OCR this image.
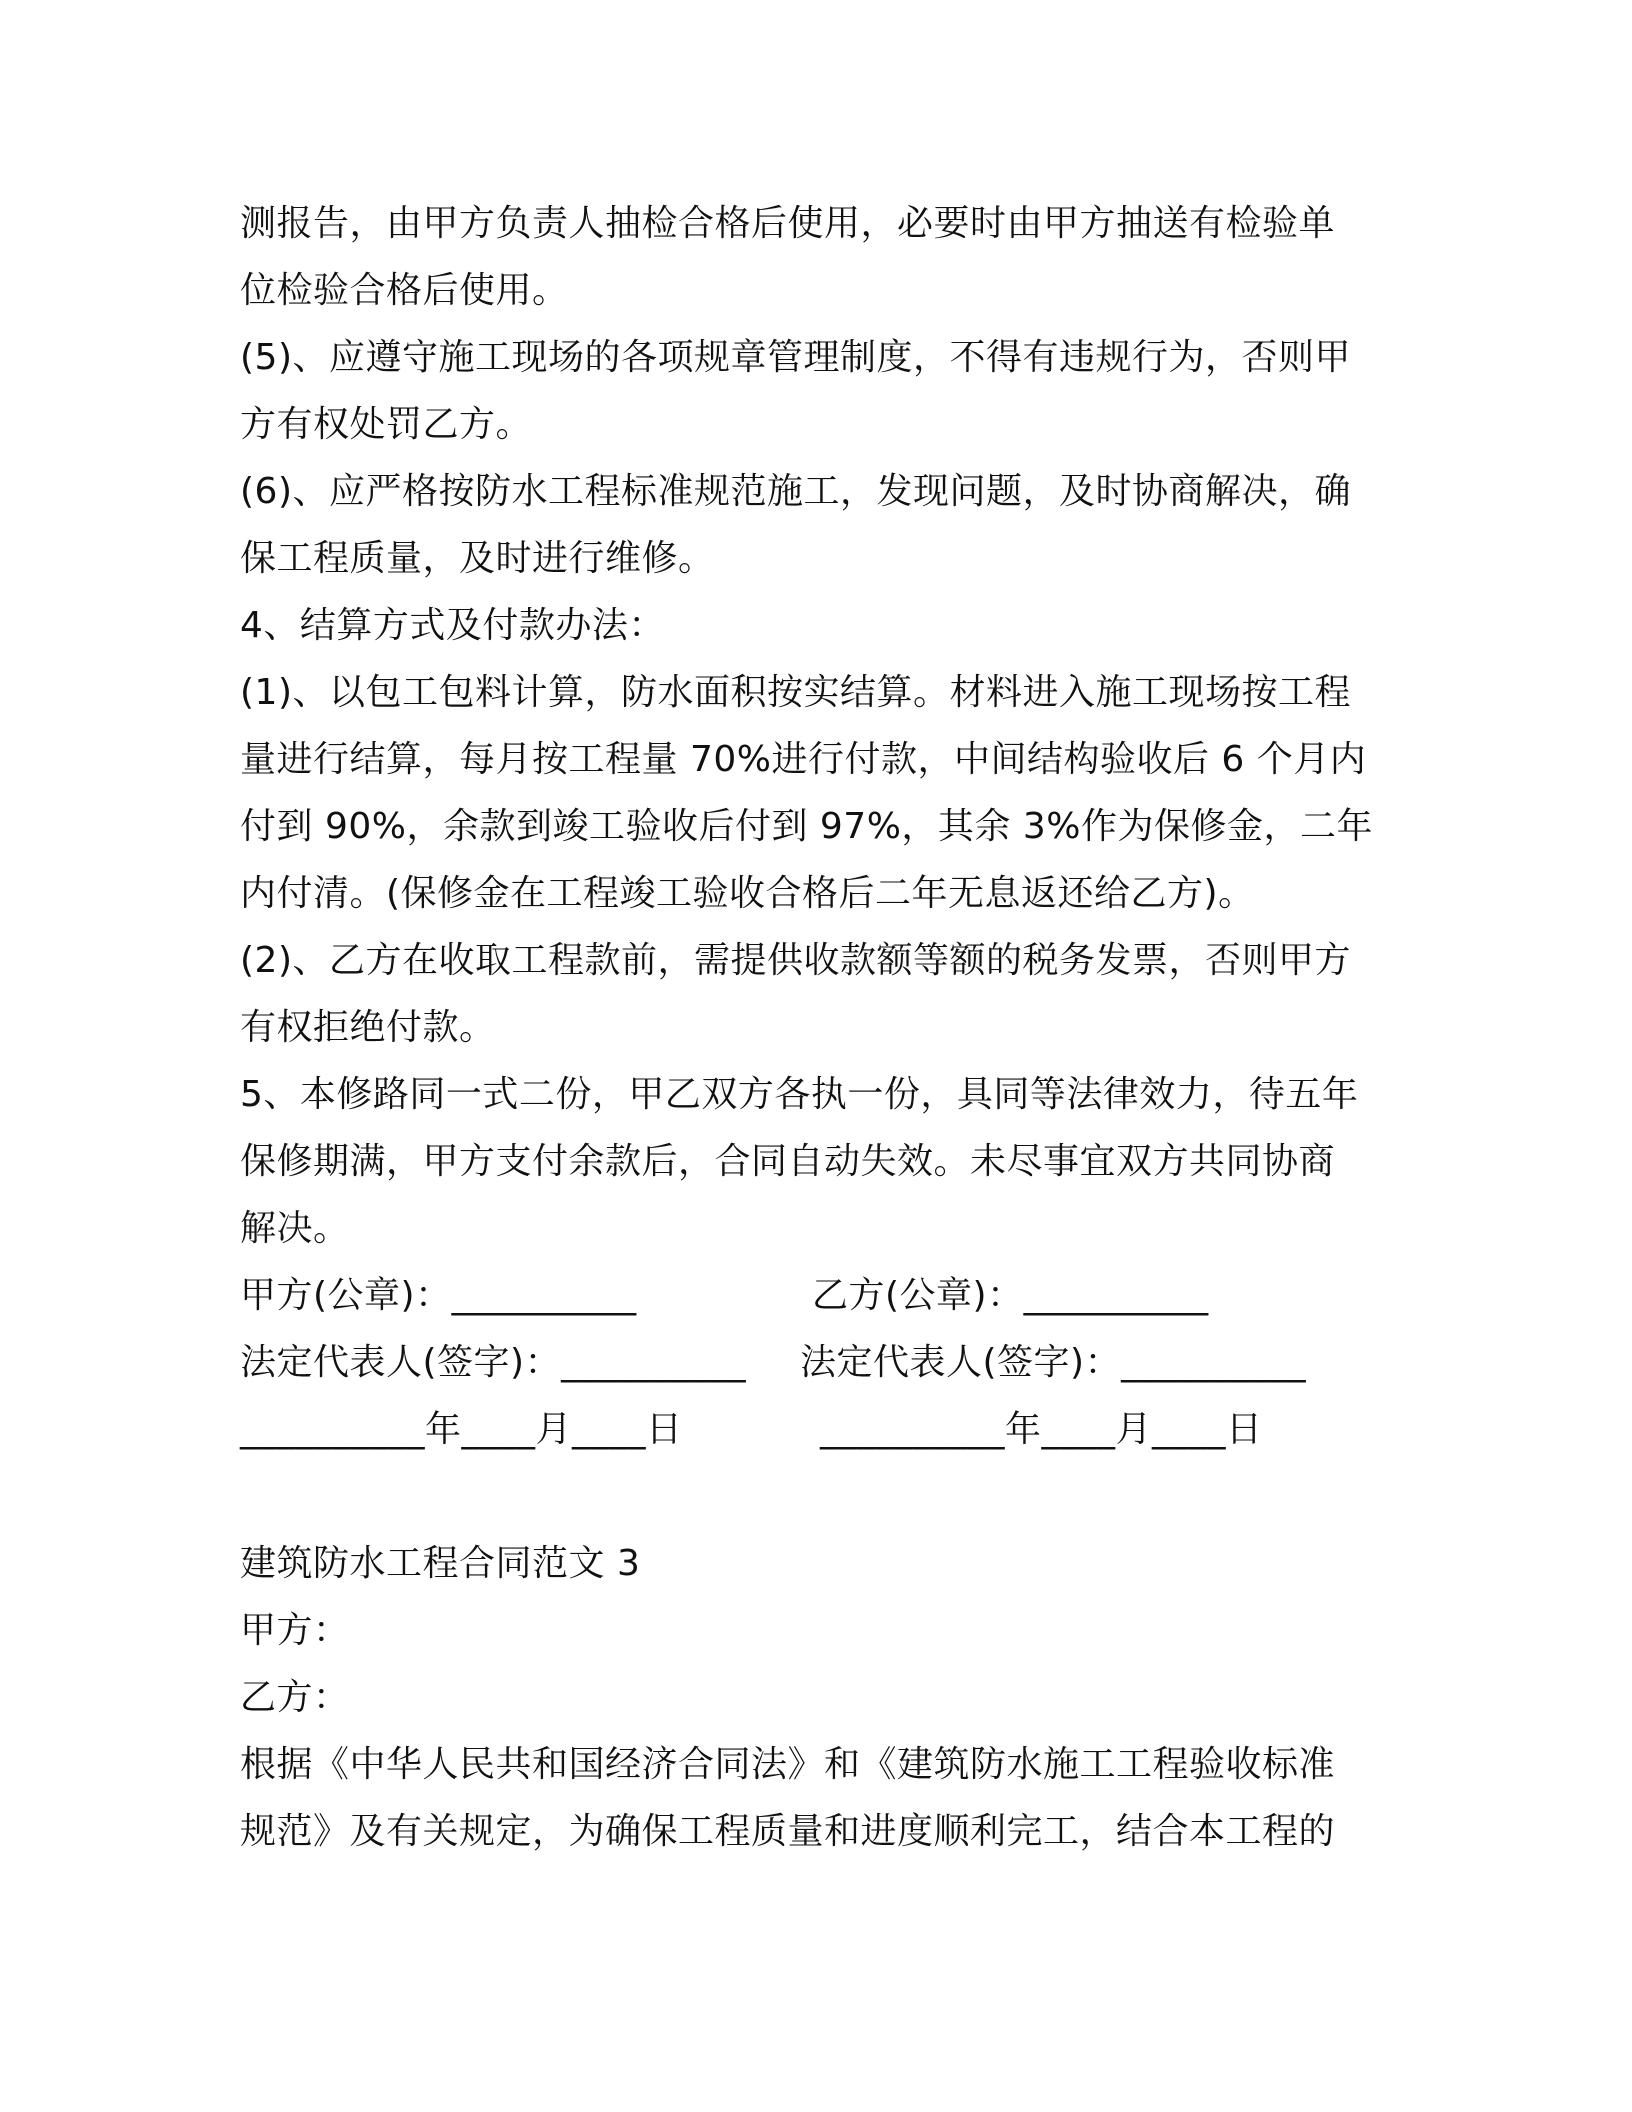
测报告，由甲方负责人抽检合格后使用，必要时由甲方抽送有检验单
位检验合格后使用。
(5)、应遵守施工现场的各项规章管理制度，不得有违规行为，否则甲
方有权处罚乙方。
(6)、应严格按防水工程标准规范施工，发现问题，及时协商解决，确
保工程质量，及时进行维修。
4、结算方式及付款办法：
(1)、以包工包料计算，防水面积按实结算。材料进入施工现场按工程
量进行结算，每月按工程量 70%进行付款，中间结构验收后 6 个月内
付到 90%，余款到竣工验收后付到 97%，其余 3%作为保修金，二年
内付清。(保修金在工程竣工验收合格后二年无息返还给乙方)。
(2)、乙方在收取工程款前，需提供收款额等额的税务发票，否则甲方
有权拒绝付款。
5、本修路同一式二份，甲乙双方各执一份，具同等法律效力，待五年
保修期满，甲方支付余款后，合同自动失效。未尽事宜双方共同协商
解决。
甲方(公章)：__________	乙方(公章)：__________
法定代表人(签字)：__________ 法定代表人(签字)：__________
__________年____月____日	__________年____月____日
建筑防水工程合同范文 3
甲方：
乙方：
根据《中华人民共和国经济合同法》和《建筑防水施工工程验收标准
规范》及有关规定，为确保工程质量和进度顺利完工，结合本工程的
